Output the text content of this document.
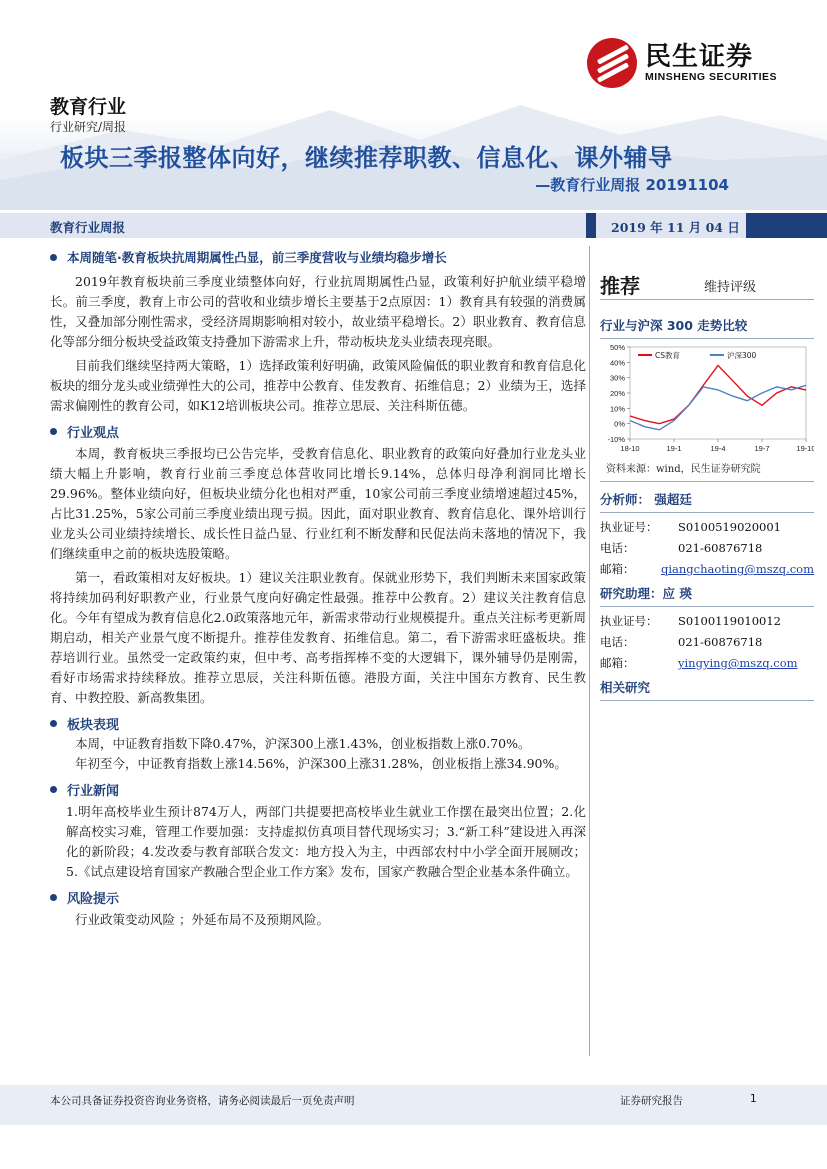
民生证券
MINSHENG SECURITIES
教育行业
行业研究/周报
板块三季报整体向好，继续推荐职教、信息化、课外辅导
—教育行业周报 20191104
教育行业周报	2019 年 11 月 04 日
本周随笔·教育板块抗周期属性凸显，前三季度营收与业绩均稳步增长

2019年教育板块前三季度业绩整体向好，行业抗周期属性凸显，政策利好护航业绩平稳增长。前三季度，教育上市公司的营收和业绩步增长主要基于2点原因：1）教育具有较强的消费属性，又叠加部分刚性需求，受经济周期影响相对较小，故业绩平稳增长。2）职业教育、教育信息化等部分细分板块受益政策支持叠加下游需求上升，带动板块龙头业绩表现亮眼。

目前我们继续坚持两大策略，1）选择政策利好明确，政策风险偏低的职业教育和教育信息化板块的细分龙头或业绩弹性大的公司，推荐中公教育、佳发教育、拓维信息；2）业绩为王，选择需求偏刚性的教育公司，如K12培训板块公司。推荐立思辰、关注科斯伍德。

行业观点

本周，教育板块三季报均已公告完毕，受教育信息化、职业教育的政策向好叠加行业龙头业绩大幅上升影响，教育行业前三季度总体营收同比增长9.14%，总体归母净利润同比增长29.96%。整体业绩向好，但板块业绩分化也相对严重，10家公司前三季度业绩增速超过45%，占比31.25%，5家公司前三季度业绩出现亏损。因此，面对职业教育、教育信息化、课外培训行业龙头公司业绩持续增长、成长性日益凸显、行业红利不断发酵和民促法尚未落地的情况下，我们继续重申之前的板块选股策略。

第一，看政策相对友好板块。1）建议关注职业教育。保就业形势下，我们判断未来国家政策将持续加码利好职教产业，行业景气度向好确定性最强。推荐中公教育。2）建议关注教育信息化。今年有望成为教育信息化2.0政策落地元年，新需求带动行业规模提升。重点关注标考更新周期启动，相关产业景气度不断提升。推荐佳发教育、拓维信息。第二，看下游需求旺盛板块。推荐培训行业。虽然受一定政策约束，但中考、高考指挥棒不变的大逻辑下，课外辅导仍是刚需，看好市场需求持续释放。推荐立思辰，关注科斯伍德。港股方面，关注中国东方教育、民生教育、中教控股、新高教集团。

板块表现

本周，中证教育指数下降0.47%，沪深300上涨1.43%，创业板指数上涨0.70%。

年初至今，中证教育指数上涨14.56%，沪深300上涨31.28%，创业板指上涨34.90%。

行业新闻

1.明年高校毕业生预计874万人，两部门共提要把高校毕业生就业工作摆在最突出位置；2.化解高校实习难，管理工作要加强：支持虚拟仿真项目替代现场实习；3.“新工科”建设进入再深化的新阶段；4.发改委与教育部联合发文：地方投入为主，中西部农村中小学全面开展厕改；5.《试点建设培育国家产教融合型企业工作方案》发布，国家产教融合型企业基本条件确立。

风险提示

行业政策变动风险 ；外延布局不及预期风险。

推荐	维持评级
行业与沪深 300 走势比较
50%
40%
30%
20%
10%
0%
-10%
18-10	19-1	19-4	19-7	19-10
CS教育	沪深300
资料来源：wind，民生证券研究院
分析师： 强超廷
执业证号：	S0100519020001
电话：	021-60876718
邮箱：	qiangchaoting@mszq.com
研究助理：应 瑛
执业证号：	S0100119010012
电话：	021-60876718
邮箱：	yingying@mszq.com
相关研究
本公司具备证券投资咨询业务资格，请务必阅读最后一页免责声明	证券研究报告	1
